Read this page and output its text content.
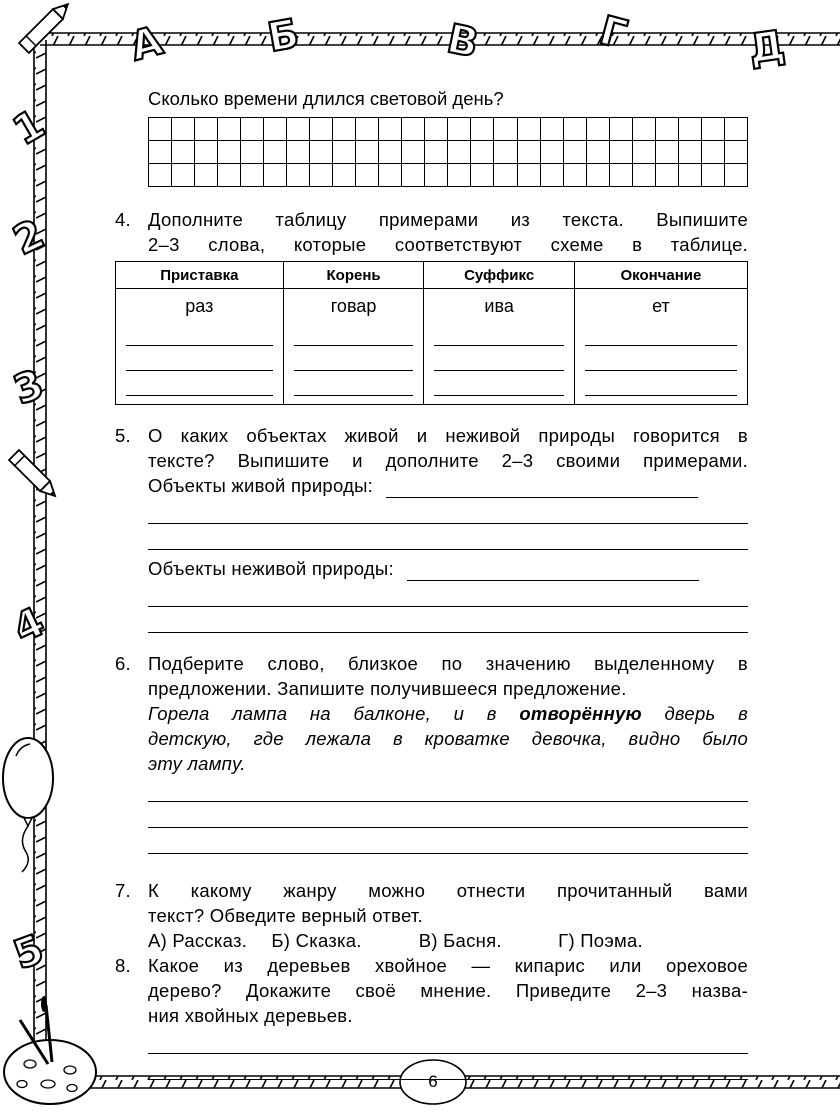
А Б	В	Г	Д
1
2
3
4
5

Сколько времени длился световой день?

4. Дополните таблицу примерами из текста. Выпишите
2–3 слова, которые соответствуют схеме в таблице.
Приставка	Корень	Суффикс	Окончание

раз	говар	ива	ет
5. О каких объектах живой и неживой природы говорится в
тексте? Выпишите и дополните 2–3 своими примерами.
Объекты живой природы:
Объекты неживой природы:
6. Подберите слово, близкое по значению выделенному в
предложении. Запишите получившееся предложение.
Горела лампа на балконе, и в отворённую дверь в
детскую, где лежала в кроватке девочка, видно было
эту лампу.
7. К какому жанру можно отнести прочитанный вами
текст? Обведите верный ответ.
А) Рассказ. Б) Сказка.	В) Басня.	Г) Поэма.
8. Какое из деревьев хвойное — кипарис или ореховое
дерево? Докажите своё мнение. Приведите 2–3 назва-
ния хвойных деревьев.
6
